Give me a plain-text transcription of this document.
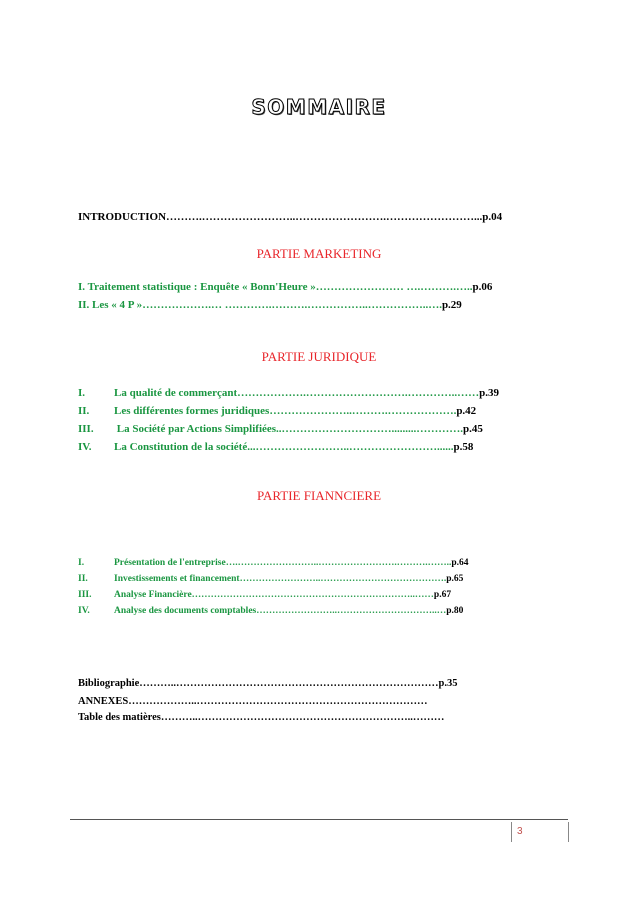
SOMMAIRE
INTRODUCTION……….……………………..…………………….……………………...p.04
PARTIE MARKETING
I. Traitement statistique : Enquête « Bonn'Heure »…………………… ….……….…..p.06
II. Les « 4 P »……………….… ………….……….……………..……………..….p.29
PARTIE JURIDIQUE
I.	La qualité de commerçant……………….……………………….…………..……p.39
II. Les différentes formes juridiques…………………..……….……………….p.42
III. La Société par Actions Simplifiées..………………………….........………….p.45
IV. La Constitution de la société...……………………..……………………......p.58
PARTIE FIANNCIERE
I.	Présentation de l'entreprise….……………………..…………………….……….……..p.64
II.	Investissements et financement……………………..………………………………….p.65
III. Analyse Financière……………………………………………………………..……p.67
IV.	Analyse des documents comptables……………………..…………………………..…p.80
Bibliographie………..…………………………………………………………………p.35
ANNEXES………………..…………………………………………………………
Table des matières………..……………………………………………………..………
3
